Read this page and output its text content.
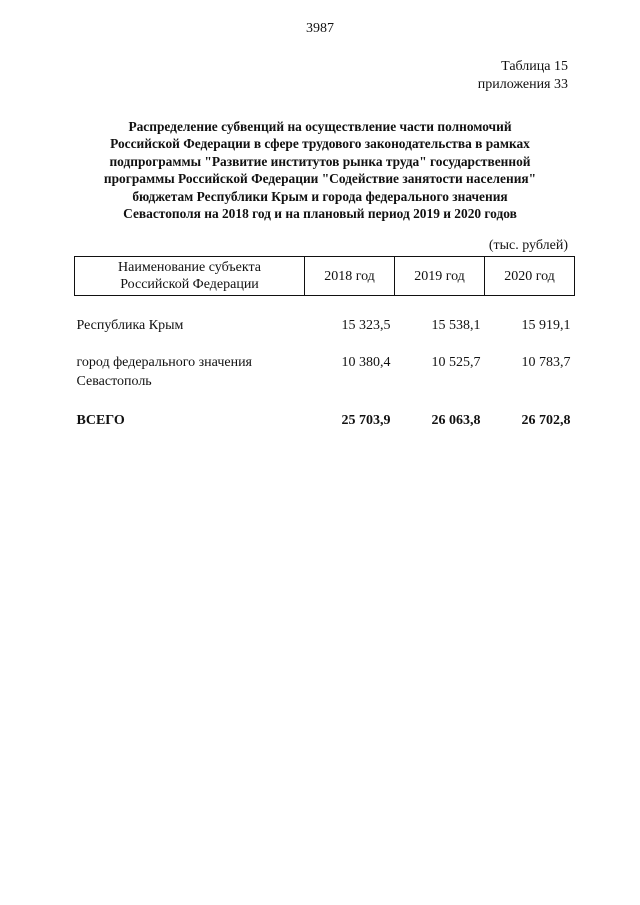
3987
Таблица 15
приложения 33
Распределение субвенций на осуществление части полномочий
Российской Федерации в сфере трудового законодательства в рамках
подпрограммы "Развитие институтов рынка труда" государственной
программы Российской Федерации "Содействие занятости населения"
бюджетам Республики Крым и города федерального значения
Севастополя на 2018 год и на плановый период 2019 и 2020 годов
(тыс. рублей)
Наименование субъекта
Российской Федерации	2018 год	2019 год	2020 год

Республика Крым	15 323,5	15 538,1	15 919,1

город федерального значения
Севастополь	10 380,4	10 525,7	10 783,7

ВСЕГО	25 703,9	26 063,8	26 702,8
